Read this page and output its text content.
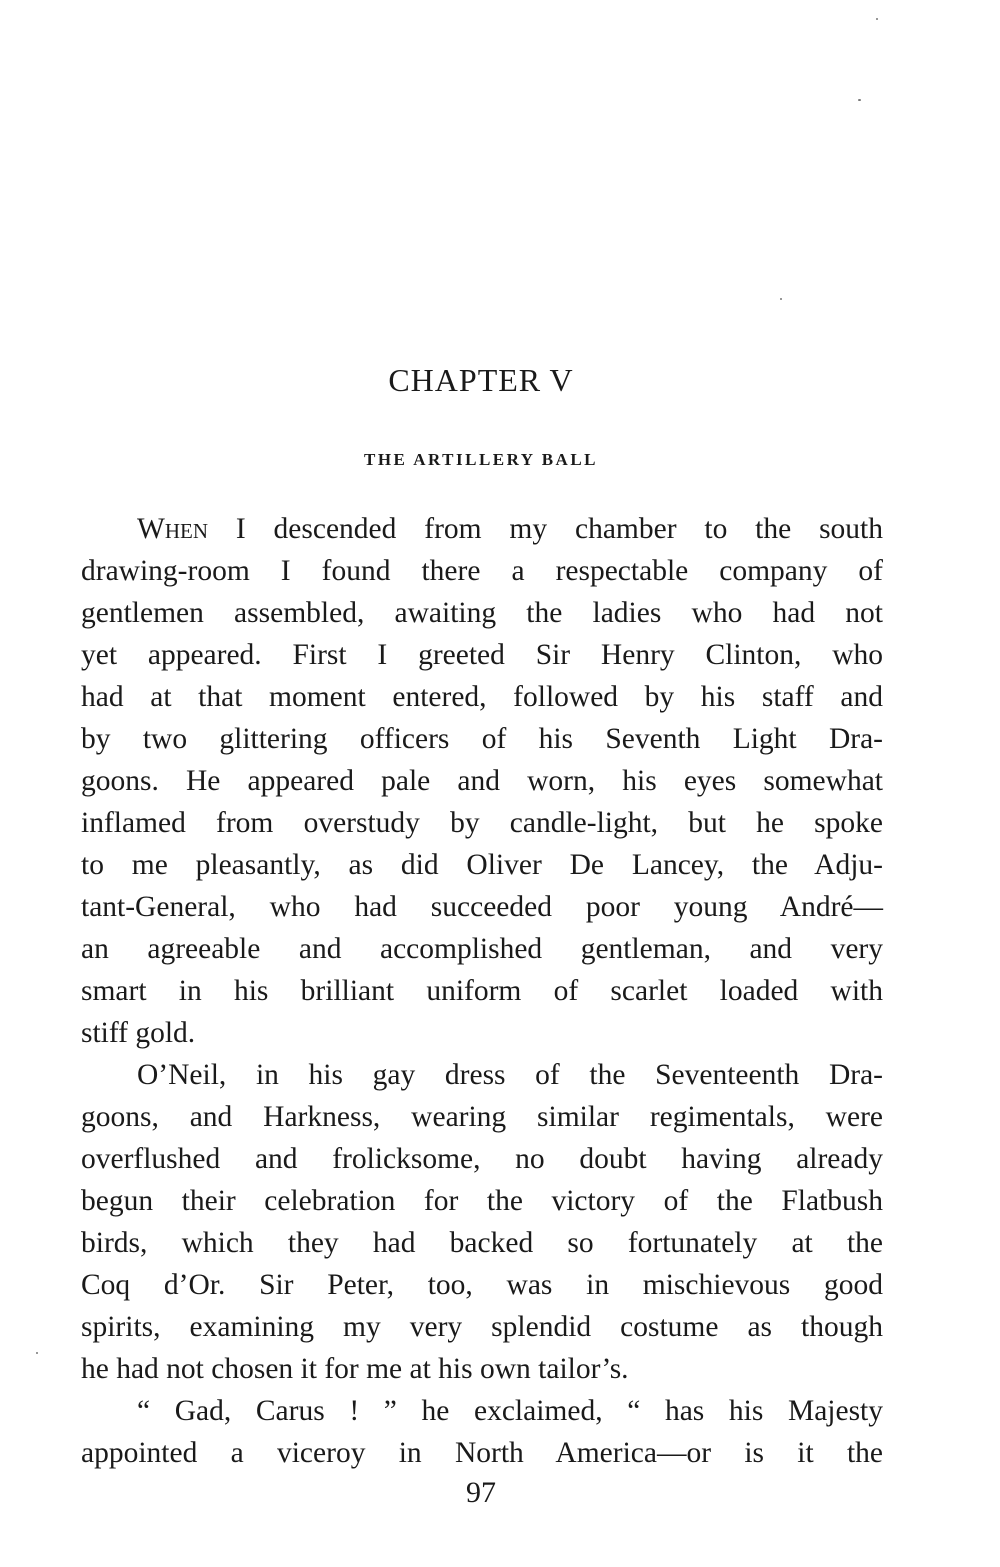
CHAPTER V
THE ARTILLERY BALL
When I descended from my chamber to the south
drawing-room I found there a respectable company of
gentlemen assembled, awaiting the ladies who had not
yet appeared. First I greeted Sir Henry Clinton, who
had at that moment entered, followed by his staff and
by two glittering officers of his Seventh Light Dra-
goons. He appeared pale and worn, his eyes somewhat
inflamed from overstudy by candle-light, but he spoke
to me pleasantly, as did Oliver De Lancey, the Adju-
tant-General, who had succeeded poor young André—
an agreeable and accomplished gentleman, and very
smart in his brilliant uniform of scarlet loaded with
stiff gold.
O’Neil, in his gay dress of the Seventeenth Dra-
goons, and Harkness, wearing similar regimentals, were
overflushed and frolicksome, no doubt having already
begun their celebration for the victory of the Flatbush
birds, which they had backed so fortunately at the
Coq d’Or. Sir Peter, too, was in mischievous good
spirits, examining my very splendid costume as though
he had not chosen it for me at his own tailor’s.
“ Gad, Carus ! ” he exclaimed, “ has his Majesty
appointed a viceroy in North America—or is it the
97
